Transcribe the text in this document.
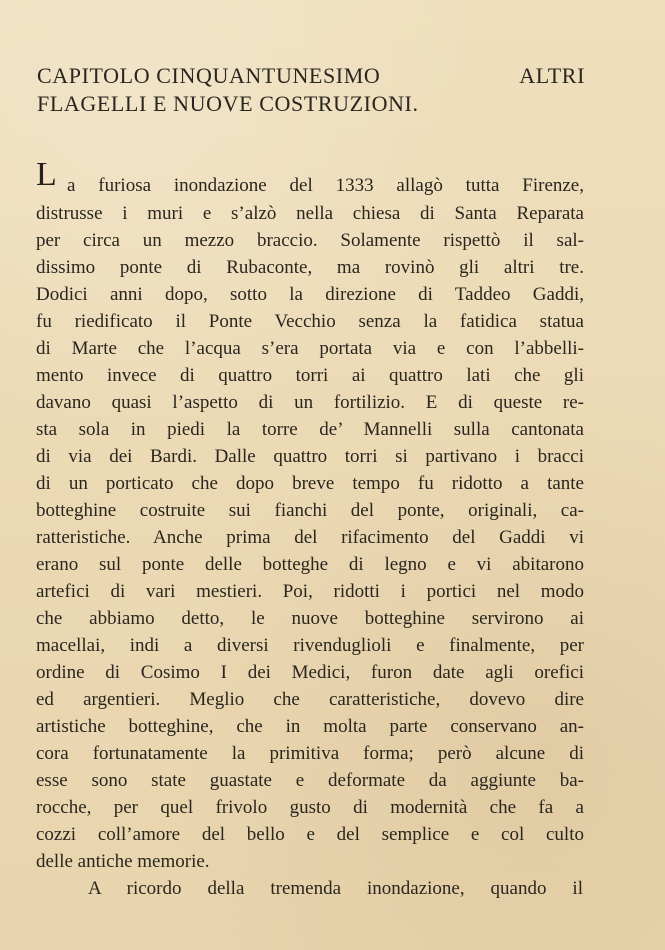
CAPITOLO CINQUANTUNESIMO	ALTRI
FLAGELLI E NUOVE COSTRUZIONI.
L a furiosa inondazione del 1333 allagò tutta Firenze,
distrusse i muri e s’alzò nella chiesa di Santa Reparata
per circa un mezzo braccio. Solamente rispettò il sal-
dissimo ponte di Rubaconte, ma rovinò gli altri tre.
Dodici anni dopo, sotto la direzione di Taddeo Gaddi,
fu riedificato il Ponte Vecchio senza la fatidica statua
di Marte che l’acqua s’era portata via e con l’abbelli-
mento invece di quattro torri ai quattro lati che gli
davano quasi l’aspetto di un fortilizio. E di queste re-
sta sola in piedi la torre de’ Mannelli sulla cantonata
di via dei Bardi. Dalle quattro torri si partivano i bracci
di un porticato che dopo breve tempo fu ridotto a tante
botteghine costruite sui fianchi del ponte, originali, ca-
ratteristiche. Anche prima del rifacimento del Gaddi vi
erano sul ponte delle botteghe di legno e vi abitarono
artefici di vari mestieri. Poi, ridotti i portici nel modo
che abbiamo detto, le nuove botteghine servirono ai
macellai, indi a diversi rivenduglioli e finalmente, per
ordine di Cosimo I dei Medici, furon date agli orefici
ed argentieri. Meglio che caratteristiche, dovevo dire
artistiche botteghine, che in molta parte conservano an-
cora fortunatamente la primitiva forma; però alcune di
esse sono state guastate e deformate da aggiunte ba-
rocche, per quel frivolo gusto di modernità che fa a
cozzi coll’amore del bello e del semplice e col culto
delle antiche memorie.
A ricordo della tremenda inondazione, quando il
